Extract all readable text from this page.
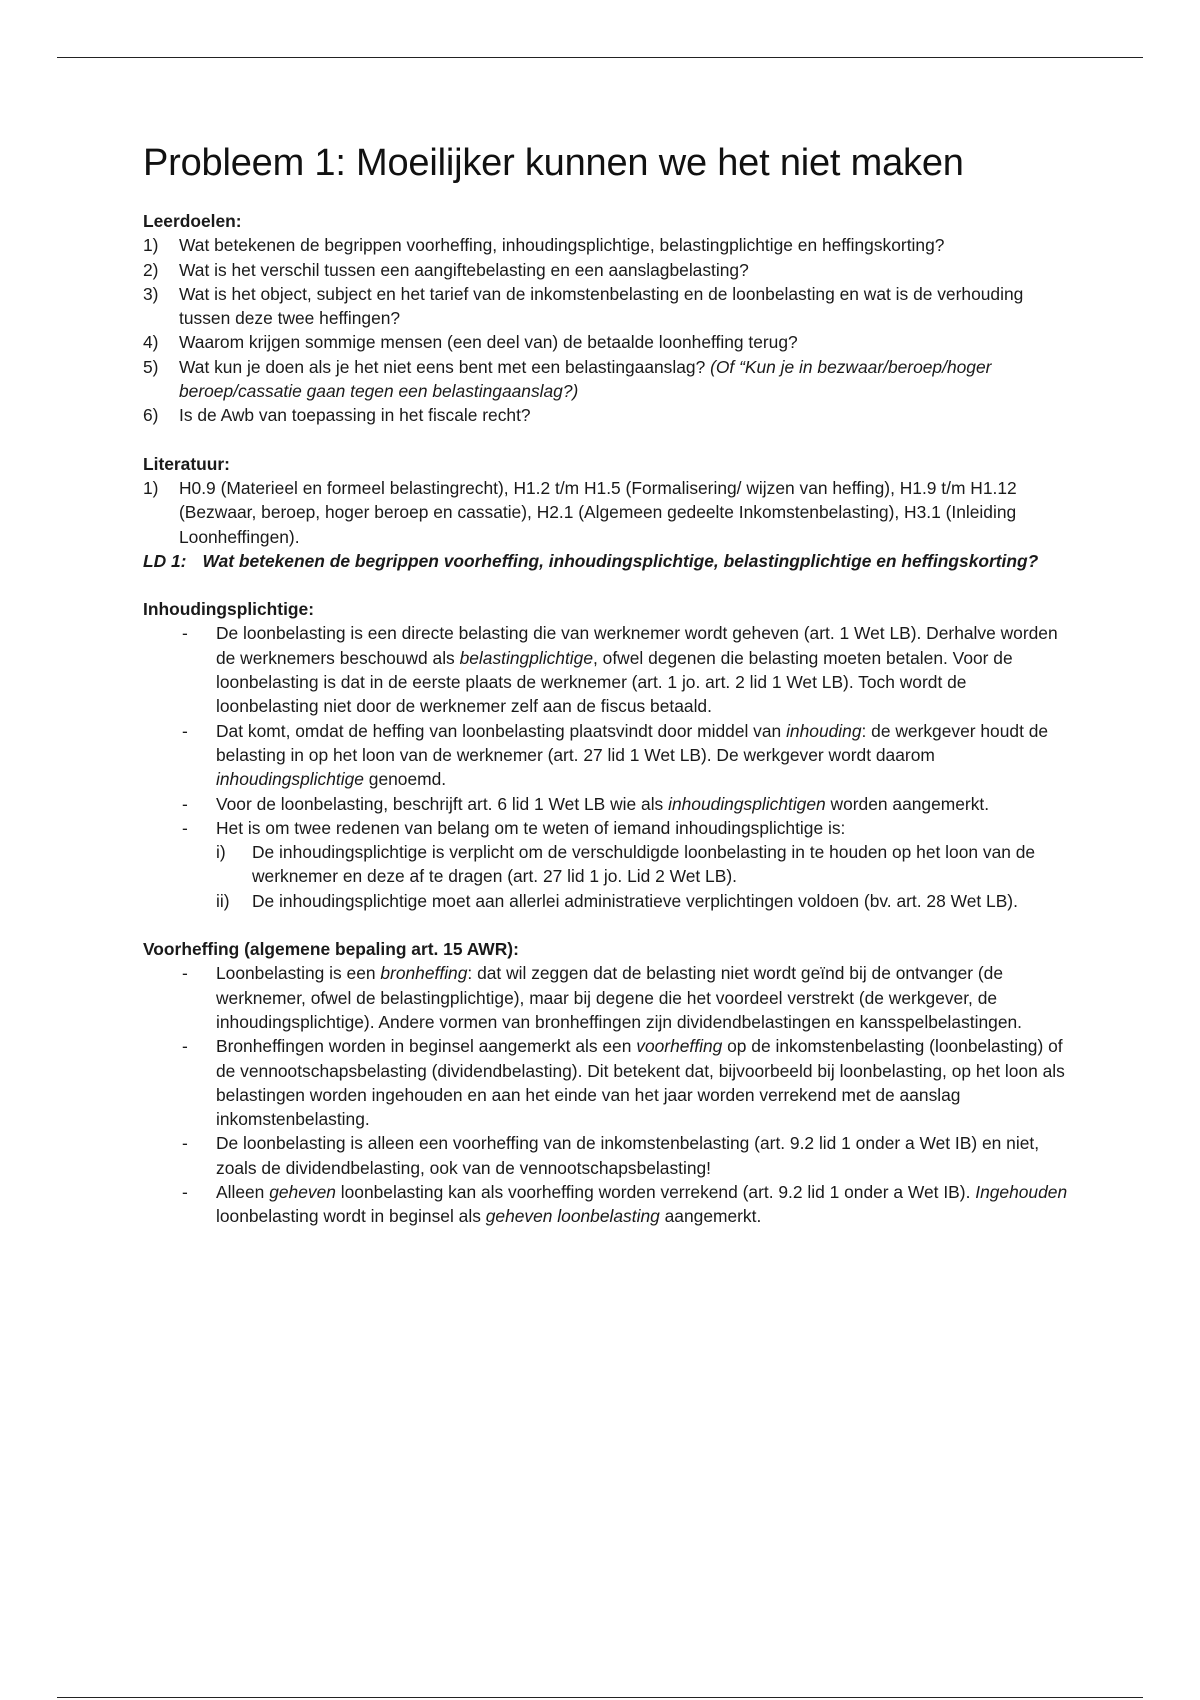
Probleem 1: Moeilijker kunnen we het niet maken

Leerdoelen:

1) Wat betekenen de begrippen voorheffing, inhoudingsplichtige, belastingplichtige en heffingskorting?
2) Wat is het verschil tussen een aangiftebelasting en een aanslagbelasting?
3) Wat is het object, subject en het tarief van de inkomstenbelasting en de loonbelasting en wat is de verhouding tussen deze twee heffingen?
4) Waarom krijgen sommige mensen (een deel van) de betaalde loonheffing terug?
5) Wat kun je doen als je het niet eens bent met een belastingaanslag? (Of “Kun je in bezwaar/beroep/hoger beroep/cassatie gaan tegen een belastingaanslag?)
6) Is de Awb van toepassing in het fiscale recht?

Literatuur:

1) H0.9 (Materieel en formeel belastingrecht), H1.2 t/m H1.5 (Formalisering/ wijzen van heffing), H1.9 t/m H1.12 (Bezwaar, beroep, hoger beroep en cassatie), H2.1 (Algemeen gedeelte Inkomstenbelasting), H3.1 (Inleiding Loonheffingen).

LD 1: Wat betekenen de begrippen voorheffing, inhoudingsplichtige, belastingplichtige en heffingskorting?

Inhoudingsplichtige:

- De loonbelasting is een directe belasting die van werknemer wordt geheven (art. 1 Wet LB). Derhalve worden de werknemers beschouwd als belastingplichtige, ofwel degenen die belasting moeten betalen. Voor de loonbelasting is dat in de eerste plaats de werknemer (art. 1 jo. art. 2 lid 1 Wet LB). Toch wordt de loonbelasting niet door de werknemer zelf aan de fiscus betaald.
- Dat komt, omdat de heffing van loonbelasting plaatsvindt door middel van inhouding: de werkgever houdt de belasting in op het loon van de werknemer (art. 27 lid 1 Wet LB). De werkgever wordt daarom inhoudingsplichtige genoemd.
- Voor de loonbelasting, beschrijft art. 6 lid 1 Wet LB wie als inhoudingsplichtigen worden aangemerkt.
- Het is om twee redenen van belang om te weten of iemand inhoudingsplichtige is:
i) De inhoudingsplichtige is verplicht om de verschuldigde loonbelasting in te houden op het loon van de werknemer en deze af te dragen (art. 27 lid 1 jo. Lid 2 Wet LB).
ii) De inhoudingsplichtige moet aan allerlei administratieve verplichtingen voldoen (bv. art. 28 Wet LB).

Voorheffing (algemene bepaling art. 15 AWR):

- Loonbelasting is een bronheffing: dat wil zeggen dat de belasting niet wordt geïnd bij de ontvanger (de werknemer, ofwel de belastingplichtige), maar bij degene die het voordeel verstrekt (de werkgever, de inhoudingsplichtige). Andere vormen van bronheffingen zijn dividendbelastingen en kansspelbelastingen.
- Bronheffingen worden in beginsel aangemerkt als een voorheffing op de inkomstenbelasting (loonbelasting) of de vennootschapsbelasting (dividendbelasting). Dit betekent dat, bijvoorbeeld bij loonbelasting, op het loon als belastingen worden ingehouden en aan het einde van het jaar worden verrekend met de aanslag inkomstenbelasting.
- De loonbelasting is alleen een voorheffing van de inkomstenbelasting (art. 9.2 lid 1 onder a Wet IB) en niet, zoals de dividendbelasting, ook van de vennootschapsbelasting!
- Alleen geheven loonbelasting kan als voorheffing worden verrekend (art. 9.2 lid 1 onder a Wet IB). Ingehouden loonbelasting wordt in beginsel als geheven loonbelasting aangemerkt.
